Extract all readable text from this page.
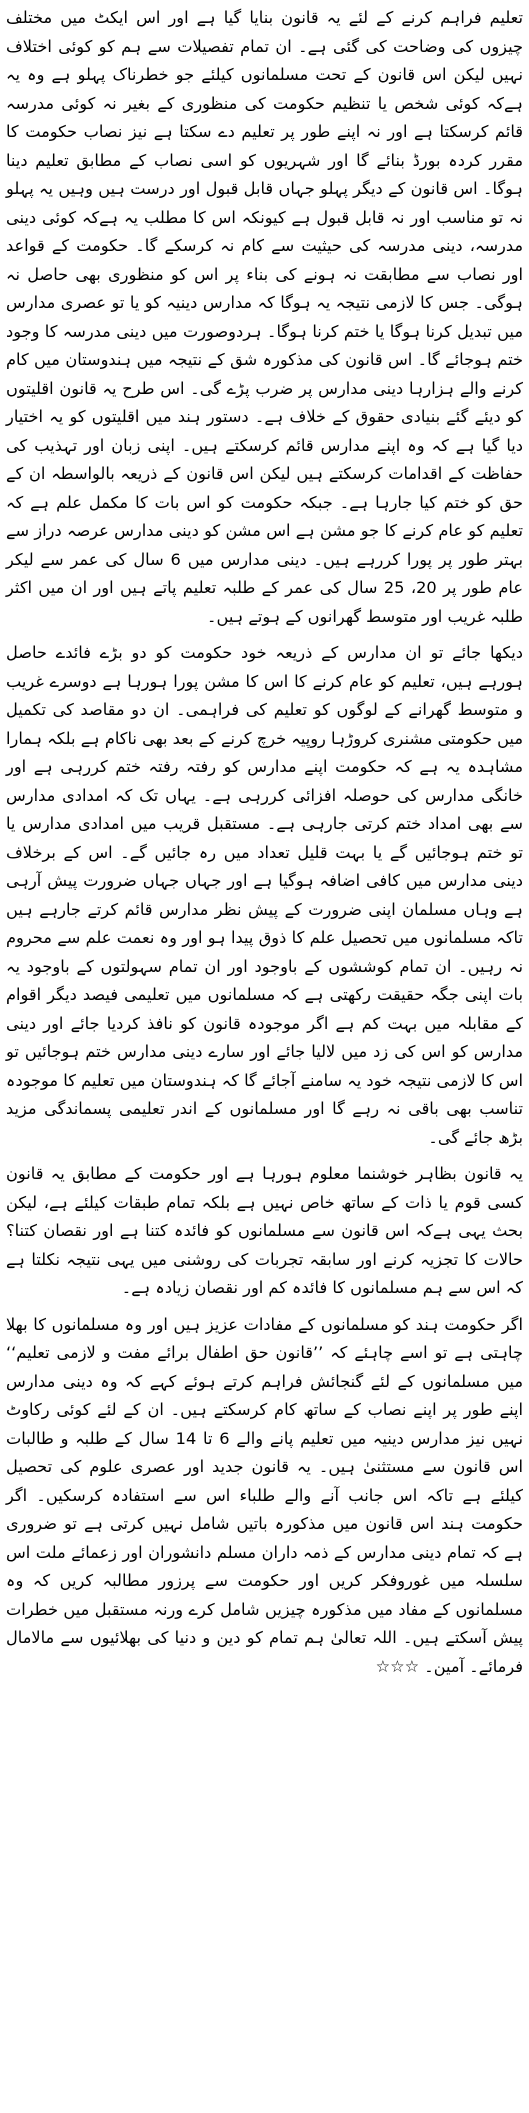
تعلیم فراہم کرنے کے لئے یہ قانون بنایا گیا ہے اور اس ایکٹ میں مختلف چیزوں کی وضاحت کی گئی ہے۔ ان تمام تفصیلات سے ہم کو کوئی اختلاف نہیں لیکن اس قانون کے تحت مسلمانوں کیلئے جو خطرناک پہلو ہے وہ یہ ہےکہ کوئی شخص یا تنظیم حکومت کی منظوری کے بغیر نہ کوئی مدرسہ قائم کرسکتا ہے اور نہ اپنے طور پر تعلیم دے سکتا ہے نیز نصاب حکومت کا مقرر کردہ بورڈ بنائے گا اور شہریوں کو اسی نصاب کے مطابق تعلیم دینا ہوگا۔ اس قانون کے دیگر پہلو جہاں قابل قبول اور درست ہیں وہیں یہ پہلو نہ تو مناسب اور نہ قابل قبول ہے کیونکہ اس کا مطلب یہ ہےکہ کوئی دینی مدرسہ، دینی مدرسہ کی حیثیت سے کام نہ کرسکے گا۔ حکومت کے قواعد اور نصاب سے مطابقت نہ ہونے کی بناء پر اس کو منظوری بھی حاصل نہ ہوگی۔ جس کا لازمی نتیجہ یہ ہوگا کہ مدارس دینیہ کو یا تو عصری مدارس میں تبدیل کرنا ہوگا یا ختم کرنا ہوگا۔ ہردوصورت میں دینی مدرسہ کا وجود ختم ہوجائے گا۔ اس قانون کی مذکورہ شق کے نتیجہ میں ہندوستان میں کام کرنے والے ہزارہا دینی مدارس پر ضرب پڑے گی۔ اس طرح یہ قانون اقلیتوں کو دیئے گئے بنیادی حقوق کے خلاف ہے۔ دستور ہند میں اقلیتوں کو یہ اختیار دیا گیا ہے کہ وہ اپنے مدارس قائم کرسکتے ہیں۔ اپنی زبان اور تہذیب کی حفاظت کے اقدامات کرسکتے ہیں لیکن اس قانون کے ذریعہ بالواسطہ ان کے حق کو ختم کیا جارہا ہے۔ جبکہ حکومت کو اس بات کا مکمل علم ہے کہ تعلیم کو عام کرنے کا جو مشن ہے اس مشن کو دینی مدارس عرصہ دراز سے بہتر طور پر پورا کررہے ہیں۔ دینی مدارس میں 6 سال کی عمر سے لیکر عام طور پر 20، 25 سال کی عمر کے طلبہ تعلیم پاتے ہیں اور ان میں اکثر طلبہ غریب اور متوسط گھرانوں کے ہوتے ہیں۔

دیکھا جائے تو ان مدارس کے ذریعہ خود حکومت کو دو بڑے فائدے حاصل ہورہے ہیں، تعلیم کو عام کرنے کا اس کا مشن پورا ہورہا ہے دوسرے غریب و متوسط گھرانے کے لوگوں کو تعلیم کی فراہمی۔ ان دو مقاصد کی تکمیل میں حکومتی مشنری کروڑہا روپیہ خرچ کرنے کے بعد بھی ناکام ہے بلکہ ہمارا مشاہدہ یہ ہے کہ حکومت اپنے مدارس کو رفتہ رفتہ ختم کررہی ہے اور خانگی مدارس کی حوصلہ افزائی کررہی ہے۔ یہاں تک کہ امدادی مدارس سے بھی امداد ختم کرتی جارہی ہے۔ مستقبل قریب میں امدادی مدارس یا تو ختم ہوجائیں گے یا بہت قلیل تعداد میں رہ جائیں گے۔ اس کے برخلاف دینی مدارس میں کافی اضافہ ہوگیا ہے اور جہاں جہاں ضرورت پیش آرہی ہے وہاں مسلمان اپنی ضرورت کے پیش نظر مدارس قائم کرتے جارہے ہیں تاکہ مسلمانوں میں تحصیل علم کا ذوق پیدا ہو اور وہ نعمت علم سے محروم نہ رہیں۔ ان تمام کوششوں کے باوجود اور ان تمام سہولتوں کے باوجود یہ بات اپنی جگہ حقیقت رکھتی ہے کہ مسلمانوں میں تعلیمی فیصد دیگر اقوام کے مقابلہ میں بہت کم ہے اگر موجودہ قانون کو نافذ کردیا جائے اور دینی مدارس کو اس کی زد میں لالیا جائے اور سارے دینی مدارس ختم ہوجائیں تو اس کا لازمی نتیجہ خود یہ سامنے آجائے گا کہ ہندوستان میں تعلیم کا موجودہ تناسب بھی باقی نہ رہے گا اور مسلمانوں کے اندر تعلیمی پسماندگی مزید بڑھ جائے گی۔

یہ قانون بظاہر خوشنما معلوم ہورہا ہے اور حکومت کے مطابق یہ قانون کسی قوم یا ذات کے ساتھ خاص نہیں ہے بلکہ تمام طبقات کیلئے ہے، لیکن بحث یہی ہےکہ اس قانون سے مسلمانوں کو فائدہ کتنا ہے اور نقصان کتنا؟ حالات کا تجزیہ کرنے اور سابقہ تجربات کی روشنی میں یہی نتیجہ نکلتا ہے کہ اس سے ہم مسلمانوں کا فائدہ کم اور نقصان زیادہ ہے۔

اگر حکومت ہند کو مسلمانوں کے مفادات عزیز ہیں اور وہ مسلمانوں کا بھلا چاہتی ہے تو اسے چاہئے کہ ’’قانون حق اطفال برائے مفت و لازمی تعلیم‘‘ میں مسلمانوں کے لئے گنجائش فراہم کرتے ہوئے کہے کہ وہ دینی مدارس اپنے طور پر اپنے نصاب کے ساتھ کام کرسکتے ہیں۔ ان کے لئے کوئی رکاوٹ نہیں نیز مدارس دینیہ میں تعلیم پانے والے 6 تا 14 سال کے طلبہ و طالبات اس قانون سے مستثنیٰ ہیں۔ یہ قانون جدید اور عصری علوم کی تحصیل کیلئے ہے تاکہ اس جانب آنے والے طلباء اس سے استفادہ کرسکیں۔ اگر حکومت ہند اس قانون میں مذکورہ باتیں شامل نہیں کرتی ہے تو ضروری ہے کہ تمام دینی مدارس کے ذمہ داران مسلم دانشوران اور زعمائے ملت اس سلسلہ میں غوروفکر کریں اور حکومت سے پرزور مطالبہ کریں کہ وہ مسلمانوں کے مفاد میں مذکورہ چیزیں شامل کرے ورنہ مستقبل میں خطرات پیش آسکتے ہیں۔ اللہ تعالیٰ ہم تمام کو دین و دنیا کی بھلائیوں سے مالامال فرمائے۔ آمین۔ ☆☆☆
